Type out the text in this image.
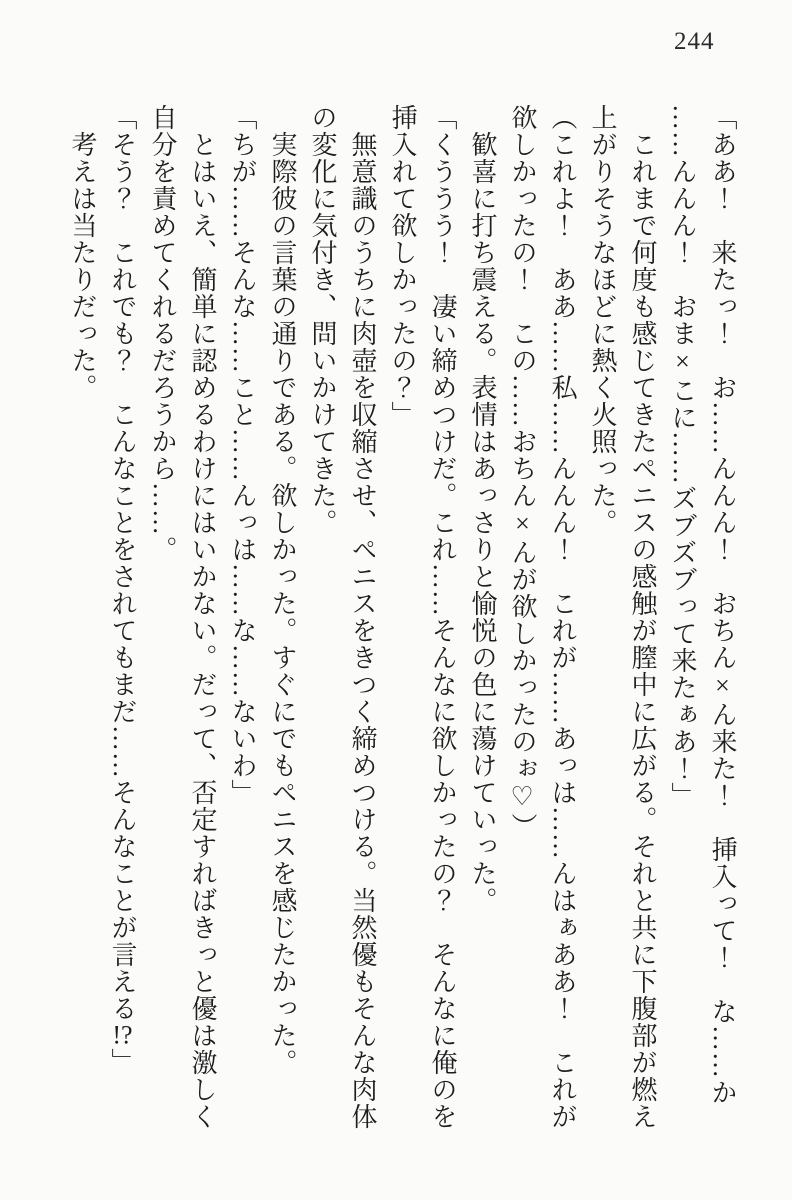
244

「ああ！　来たっ！　お……んんん！　おちん×ん来た！　挿入って！　な……か

……んんん！　おま×こに……ズブズブって来たぁあ！」

これまで何度も感じてきたペニスの感触が膣中に広がる。それと共に下腹部が燃え

上がりそうなほどに熱く火照った。

（これよ！　ああ……私……んんん！　これが……あっは……んはぁああ！　これが

欲しかったの！　この……おちん×んが欲しかったのぉ♡）

歓喜に打ち震える。表情はあっさりと愉悦の色に蕩けていった。

「くううう！　凄い締めつけだ。これ……そんなに欲しかったの？　そんなに俺のを

挿入れて欲しかったの？」

無意識のうちに肉壺を収縮させ、ペニスをきつく締めつける。当然優もそんな肉体

の変化に気付き、問いかけてきた。

実際彼の言葉の通りである。欲しかった。すぐにでもペニスを感じたかった。

「ちが……そんな……こと……んっは……な……ないわ」

とはいえ、簡単に認めるわけにはいかない。だって、否定すればきっと優は激しく

自分を責めてくれるだろうから……。

「そう？　これでも？　こんなことをされてもまだ……そんなことが言える!?」

考えは当たりだった。
